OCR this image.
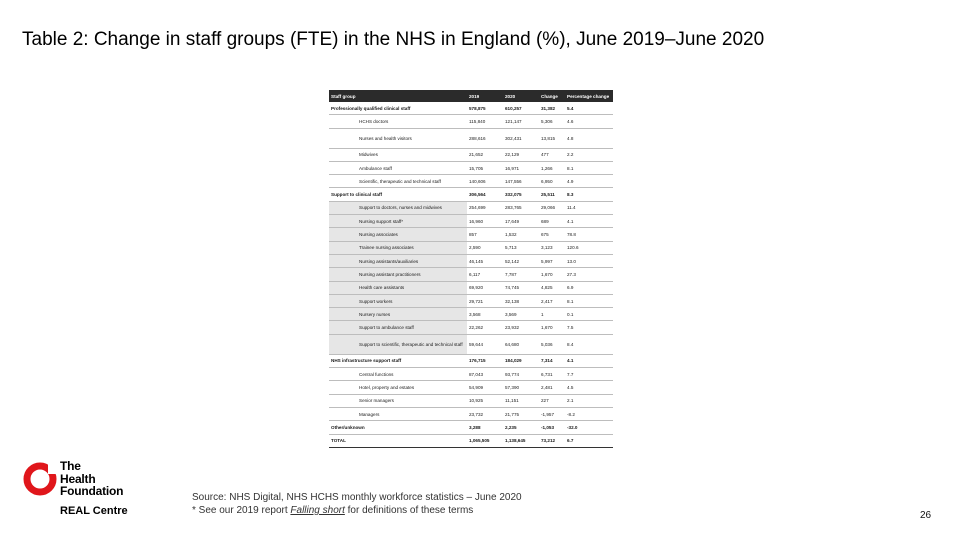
Table 2: Change in staff groups (FTE) in the NHS in England (%), June 2019–June 2020
Staff group	2019	2020	Change	Percentage change
Professionally qualified clinical staff	578,875	610,257	31,382	5.4
HCHS doctors	115,840	121,147	5,306	4.6
Nurses and health visitors	288,616	302,431	13,815	4.8
Midwives	21,652	22,129	477	2.2
Ambulance staff	15,705	16,971	1,266	8.1
Scientific, therapeutic and technical staff	140,606	147,556	6,950	4.9
Support to clinical staff	306,564	332,075	25,511	8.3
Support to doctors, nurses and midwives	254,699	283,765	29,066	11.4
Nursing support staff*	16,960	17,649	689	4.1
Nursing associates	857	1,532	675	78.8
Trainee nursing associates	2,590	5,713	3,123	120.6
Nursing assistants/auxiliaries	46,145	52,142	5,997	13.0
Nursing assistant practitioners	6,117	7,787	1,670	27.3
Health care assistants	69,920	74,745	4,825	6.9
Support workers	29,721	32,138	2,417	8.1
Nursery nurses	3,568	3,569	1	0.1
Support to ambulance staff	22,262	23,932	1,670	7.5
Support to scientific, therapeutic and technical staff	59,644	64,680	5,036	8.4
NHS infrastructure support staff	176,715	184,029	7,314	4.1
Central functions	87,043	93,774	6,731	7.7
Hotel, property and estates	54,909	57,390	2,481	4.5
Senior managers	10,925	11,151	227	2.1
Managers	23,732	21,775	-1,957	-8.2
Other/unknown	3,288	2,235	-1,053	-32.0
TOTAL	1,065,505	1,138,645	73,212	6.7
The
Health
Foundation
REAL Centre
Source: NHS Digital, NHS HCHS monthly workforce statistics – June 2020
* See our 2019 report Falling short for definitions of these terms	26
